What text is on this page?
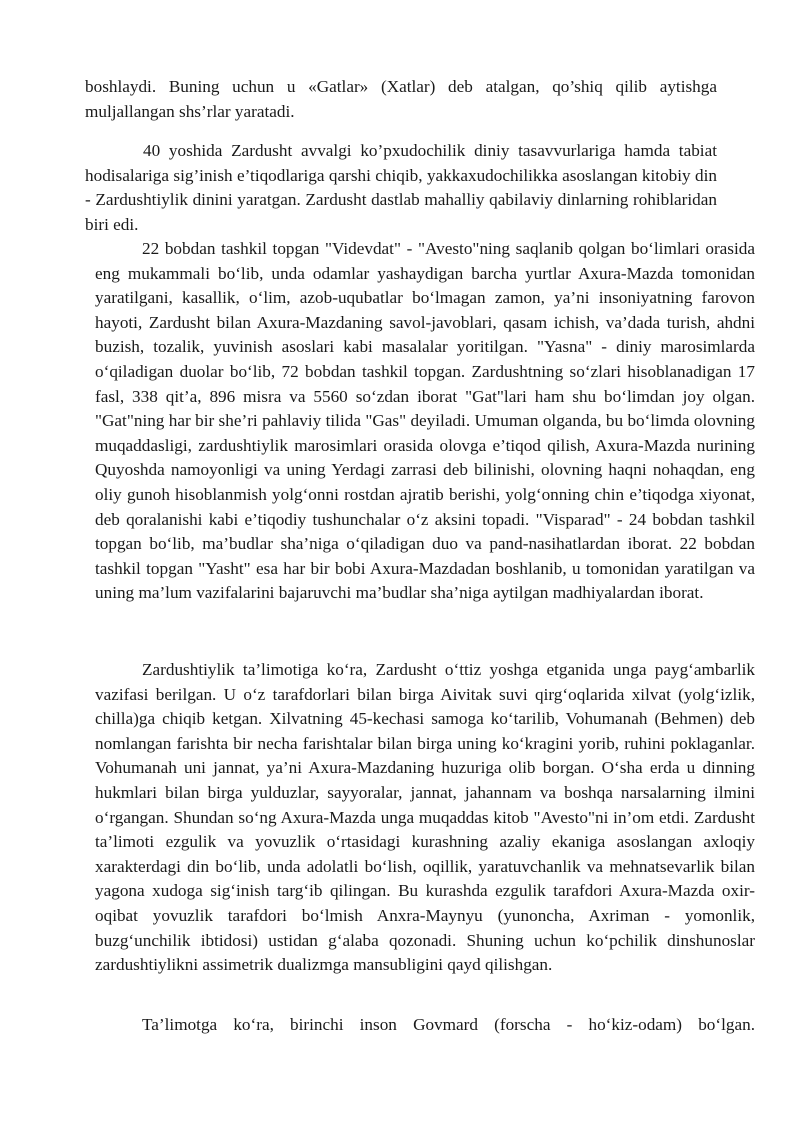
boshlaydi. Buning uchun u «Gatlar» (Xatlar) deb atalgan, qo’shiq qilib aytishga muljallangan shs’rlar yaratadi.

40 yoshida Zardusht avvalgi ko’pxudochilik diniy tasavvurlariga hamda tabiat hodisalariga sig’inish e’tiqodlariga qarshi chiqib, yakkaxudochilikka asoslangan kitobiy din - Zardushtiylik dinini yaratgan. Zardusht dastlab mahalliy qabilaviy dinlarning rohiblaridan biri edi.

22 bobdan tashkil topgan "Videvdat" - "Avesto"ning saqlanib qolgan bo‘limlari orasida eng mukammali bo‘lib, unda odamlar yashaydigan barcha yurtlar Axura-Mazda tomonidan yaratilgani, kasallik, o‘lim, azob-uqubatlar bo‘lmagan zamon, ya’ni insoniyatning farovon hayoti, Zardusht bilan Axura-Mazdaning savol-javoblari, qasam ichish, va’dada turish, ahdni buzish, tozalik, yuvinish asoslari kabi masalalar yoritilgan. "Yasna" - diniy marosimlarda o‘qiladigan duolar bo‘lib, 72 bobdan tashkil topgan. Zardushtning so‘zlari hisoblanadigan 17 fasl, 338 qit’a, 896 misra va 5560 so‘zdan iborat "Gat"lari ham shu bo‘limdan joy olgan. "Gat"ning har bir she’ri pahlaviy tilida "Gas" deyiladi. Umuman olganda, bu bo‘limda olovning muqaddasligi, zardushtiylik marosimlari orasida olovga e’tiqod qilish, Axura-Mazda nurining Quyoshda namoyonligi va uning Yerdagi zarrasi deb bilinishi, olovning haqni nohaqdan, eng oliy gunoh hisoblanmish yolg‘onni rostdan ajratib berishi, yolg‘onning chin e’tiqodga xiyonat, deb qoralanishi kabi e’tiqodiy tushunchalar o‘z aksini topadi. "Visparad" - 24 bobdan tashkil topgan bo‘lib, ma’budlar sha’niga o‘qiladigan duo va pand-nasihatlardan iborat. 22 bobdan tashkil topgan "Yasht" esa har bir bobi Axura-Mazdadan boshlanib, u tomonidan yaratilgan va uning ma’lum vazifalarini bajaruvchi ma’budlar sha’niga aytilgan madhiyalardan iborat.

Zardushtiylik ta’limotiga ko‘ra, Zardusht o‘ttiz yoshga etganida unga payg‘ambarlik vazifasi berilgan. U o‘z tarafdorlari bilan birga Aivitak suvi qirg‘oqlarida xilvat (yolg‘izlik, chilla)ga chiqib ketgan. Xilvatning 45-kechasi samoga ko‘tarilib, Vohumanah (Behmen) deb nomlangan farishta bir necha farishtalar bilan birga uning ko‘kragini yorib, ruhini poklaganlar. Vohumanah uni jannat, ya’ni Axura-Mazdaning huzuriga olib borgan. O‘sha erda u dinning hukmlari bilan birga yulduzlar, sayyoralar, jannat, jahannam va boshqa narsalarning ilmini o‘rgangan. Shundan so‘ng Axura-Mazda unga muqaddas kitob "Avesto"ni in’om etdi. Zardusht ta’limoti ezgulik va yovuzlik o‘rtasidagi kurashning azaliy ekaniga asoslangan axloqiy xarakterdagi din bo‘lib, unda adolatli bo‘lish, oqillik, yaratuvchanlik va mehnatsevarlik bilan yagona xudoga sig‘inish targ‘ib qilingan. Bu kurashda ezgulik tarafdori Axura-Mazda oxir-oqibat yovuzlik tarafdori bo‘lmish Anxra-Maynyu (yunoncha, Axriman - yomonlik, buzg‘unchilik ibtidosi) ustidan g‘alaba qozonadi. Shuning uchun ko‘pchilik dinshunoslar zardushtiylikni assimetrik dualizmga mansubligini qayd qilishgan.

Ta’limotga ko‘ra, birinchi inson Govmard (forscha - ho‘kiz-odam) bo‘lgan.
